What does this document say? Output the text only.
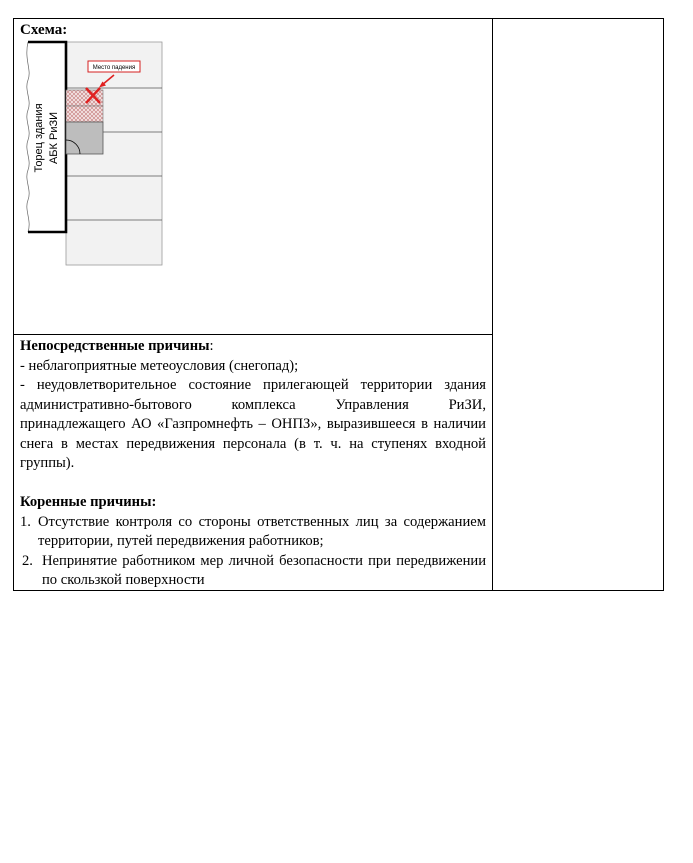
Схема:
Место падения
Торец здания АБК РиЗИ
Непосредственные причины:
- неблагоприятные метеоусловия (снегопад);
- неудовлетворительное состояние прилегающей территории здания административно-бытового комплекса Управления РиЗИ, принадлежащего АО «Газпромнефть – ОНПЗ», выразившееся в наличии снега в местах передвижения персонала (в т. ч. на ступенях входной группы).
Коренные причины:
1. Отсутствие контроля со стороны ответственных лиц за содержанием территории, путей передвижения работников;
2. Непринятие работником мер личной безопасности при передвижении по скользкой поверхности
